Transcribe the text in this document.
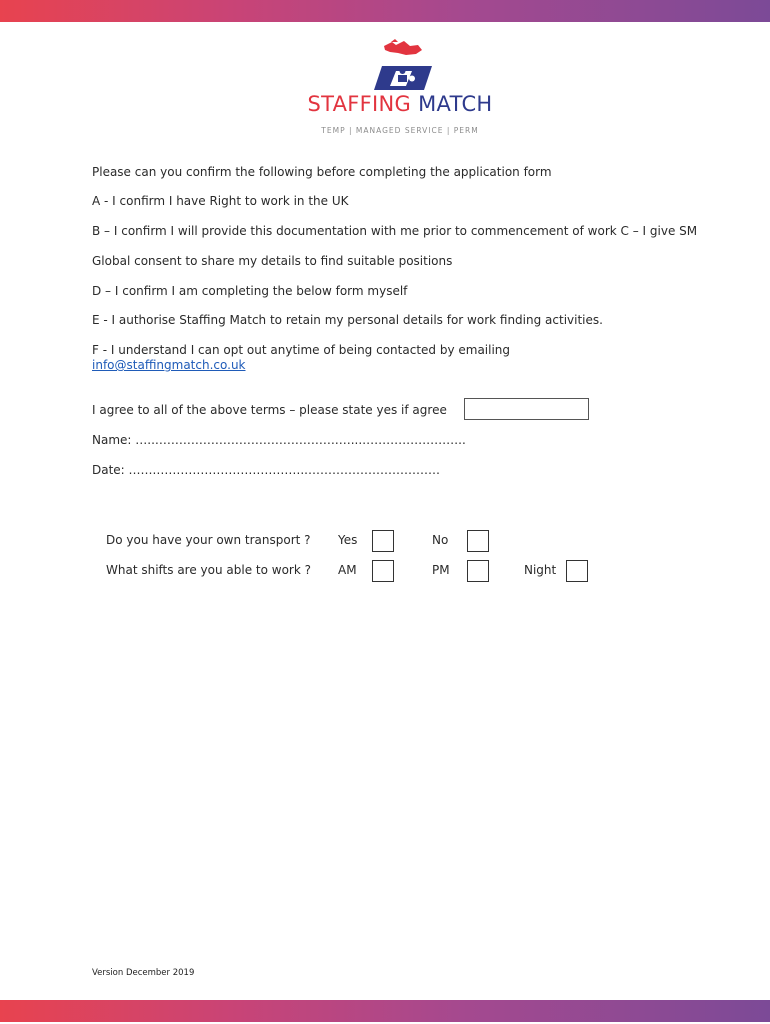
STAFFING MATCH
TEMP | MANAGED SERVICE | PERM
Please can you confirm the following before completing the application form
A - I confirm I have Right to work in the UK
B – I confirm I will provide this documentation with me prior to commencement of work C – I give SM
Global consent to share my details to find suitable positions
D – I confirm I am completing the below form myself
E - I authorise Staffing Match to retain my personal details for work finding activities.
F - I understand I can opt out anytime of being contacted by emailing
info@staffingmatch.co.uk
I agree to all of the above terms – please state yes if agree
Name: …..……………………………………….…...……………………..
Date: …….………………………………..……………………………
Do you have your own transport ? Yes	No
What shifts are you able to work ? AM	PM	Night
Version December 2019
